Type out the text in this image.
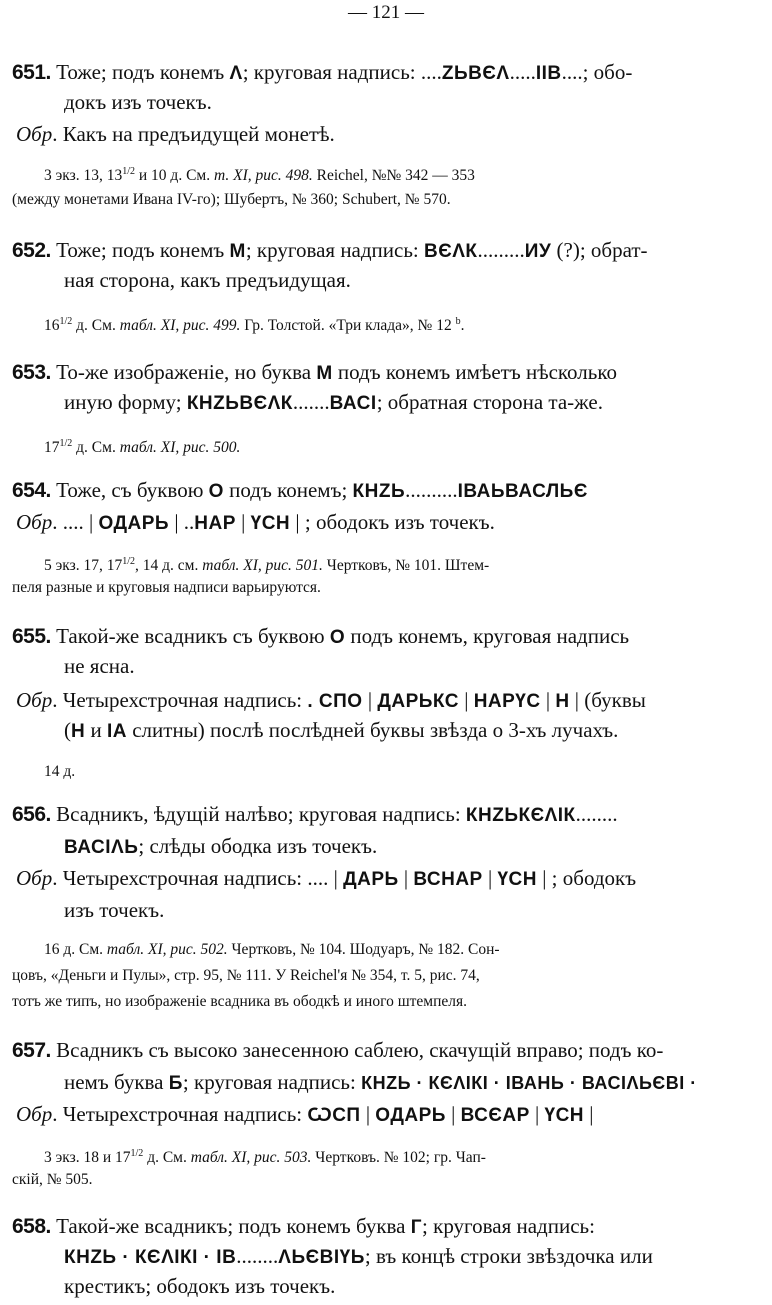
— 121 —
651. Тоже; подъ конемъ Λ; круговая надпись: ....ZЬВЄΛ.....ІІВ....; обо-
докъ изъ точекъ.
Обр. Какъ на предъидущей монетѣ.
3 экз. 13, $13^{1/2}$ и 10 д. См. т. XI, рис. 498. Reichel, №№ 342 — 353
(между монетами Ивана IV-го); Шубертъ, № 360; Schubert, № 570.
652. Тоже; подъ конемъ М; круговая надпись: ВЄΛК.........ИУ (?); обрат-
ная сторона, какъ предъидущая.
$16^{1/2}$ д. См. табл. XI, рис. 499. Гр. Толстой. «Три клада», № 12 $^b$.
653. То-же изображеніе, но буква М подъ конемъ имѣетъ нѣсколько
иную форму; КНZЬВЄΛК.......ВАСІ; обратная сторона та-же.
$17^{1/2}$ д. См. табл. XI, рис. 500.
654. Тоже, съ буквою О подъ конемъ; КНZЬ..........ІВАЬВАСЛЬЄ
Обр. .... | ОДАРЬ | ..НАР | ҮСН | ; ободокъ изъ точекъ.
5 экз. 17, $17^{1/2}$, 14 д. см. табл. XI, рис. 501. Чертковъ, № 101. Штем-
пеля разные и круговыя надписи варьируются.
655. Такой-же всадникъ съ буквою О подъ конемъ, круговая надпись
не ясна.
Обр. Четырехстрочная надпись: . СПО | ДАРЬКС | НАРҮС | Н | (буквы
(Н и ІА слитны) послѣ послѣдней буквы звѣзда о 3-хъ лучахъ.
14 д.
656. Всадникъ, ѣдущій налѣво; круговая надпись: КНZЬКЄΛІК........
ВАСІΛЬ; слѣды ободка изъ точекъ.
Обр. Четырехстрочная надпись: .... | ДАРЬ | ВСНАР | ҮСН | ; ободокъ
изъ точекъ.
16 д. См. табл. XI, рис. 502. Чертковъ, № 104. Шодуаръ, № 182. Сон-
цовъ, «Деньги и Пулы», стр. 95, № 111. У Reichel'я № 354, т. 5, рис. 74,
тотъ же типъ, но изображеніе всадника въ ободкѣ и иного штемпеля.
657. Всадникъ съ высоко занесенною саблею, скачущій вправо; подъ ко-
немъ буква Б; круговая надпись: КНZЬ · КЄΛІКІ · ІВАНЬ · ВАСІΛЬЄВІ ·
Обр. Четырехстрочная надпись: ѠСП | ОДАРЬ | ВСЄАР | ҮСН |
3 экз. 18 и $17^{1/2}$ д. См. табл. XI, рис. 503. Чертковъ. № 102; гр. Чап-
скій, № 505.
658. Такой-же всадникъ; подъ конемъ буква Г; круговая надпись:
КНZЬ · КЄΛІКІ · ІВ........ΛЬЄВІҮЬ; въ концѣ строки звѣздочка или
крестикъ; ободокъ изъ точекъ.
